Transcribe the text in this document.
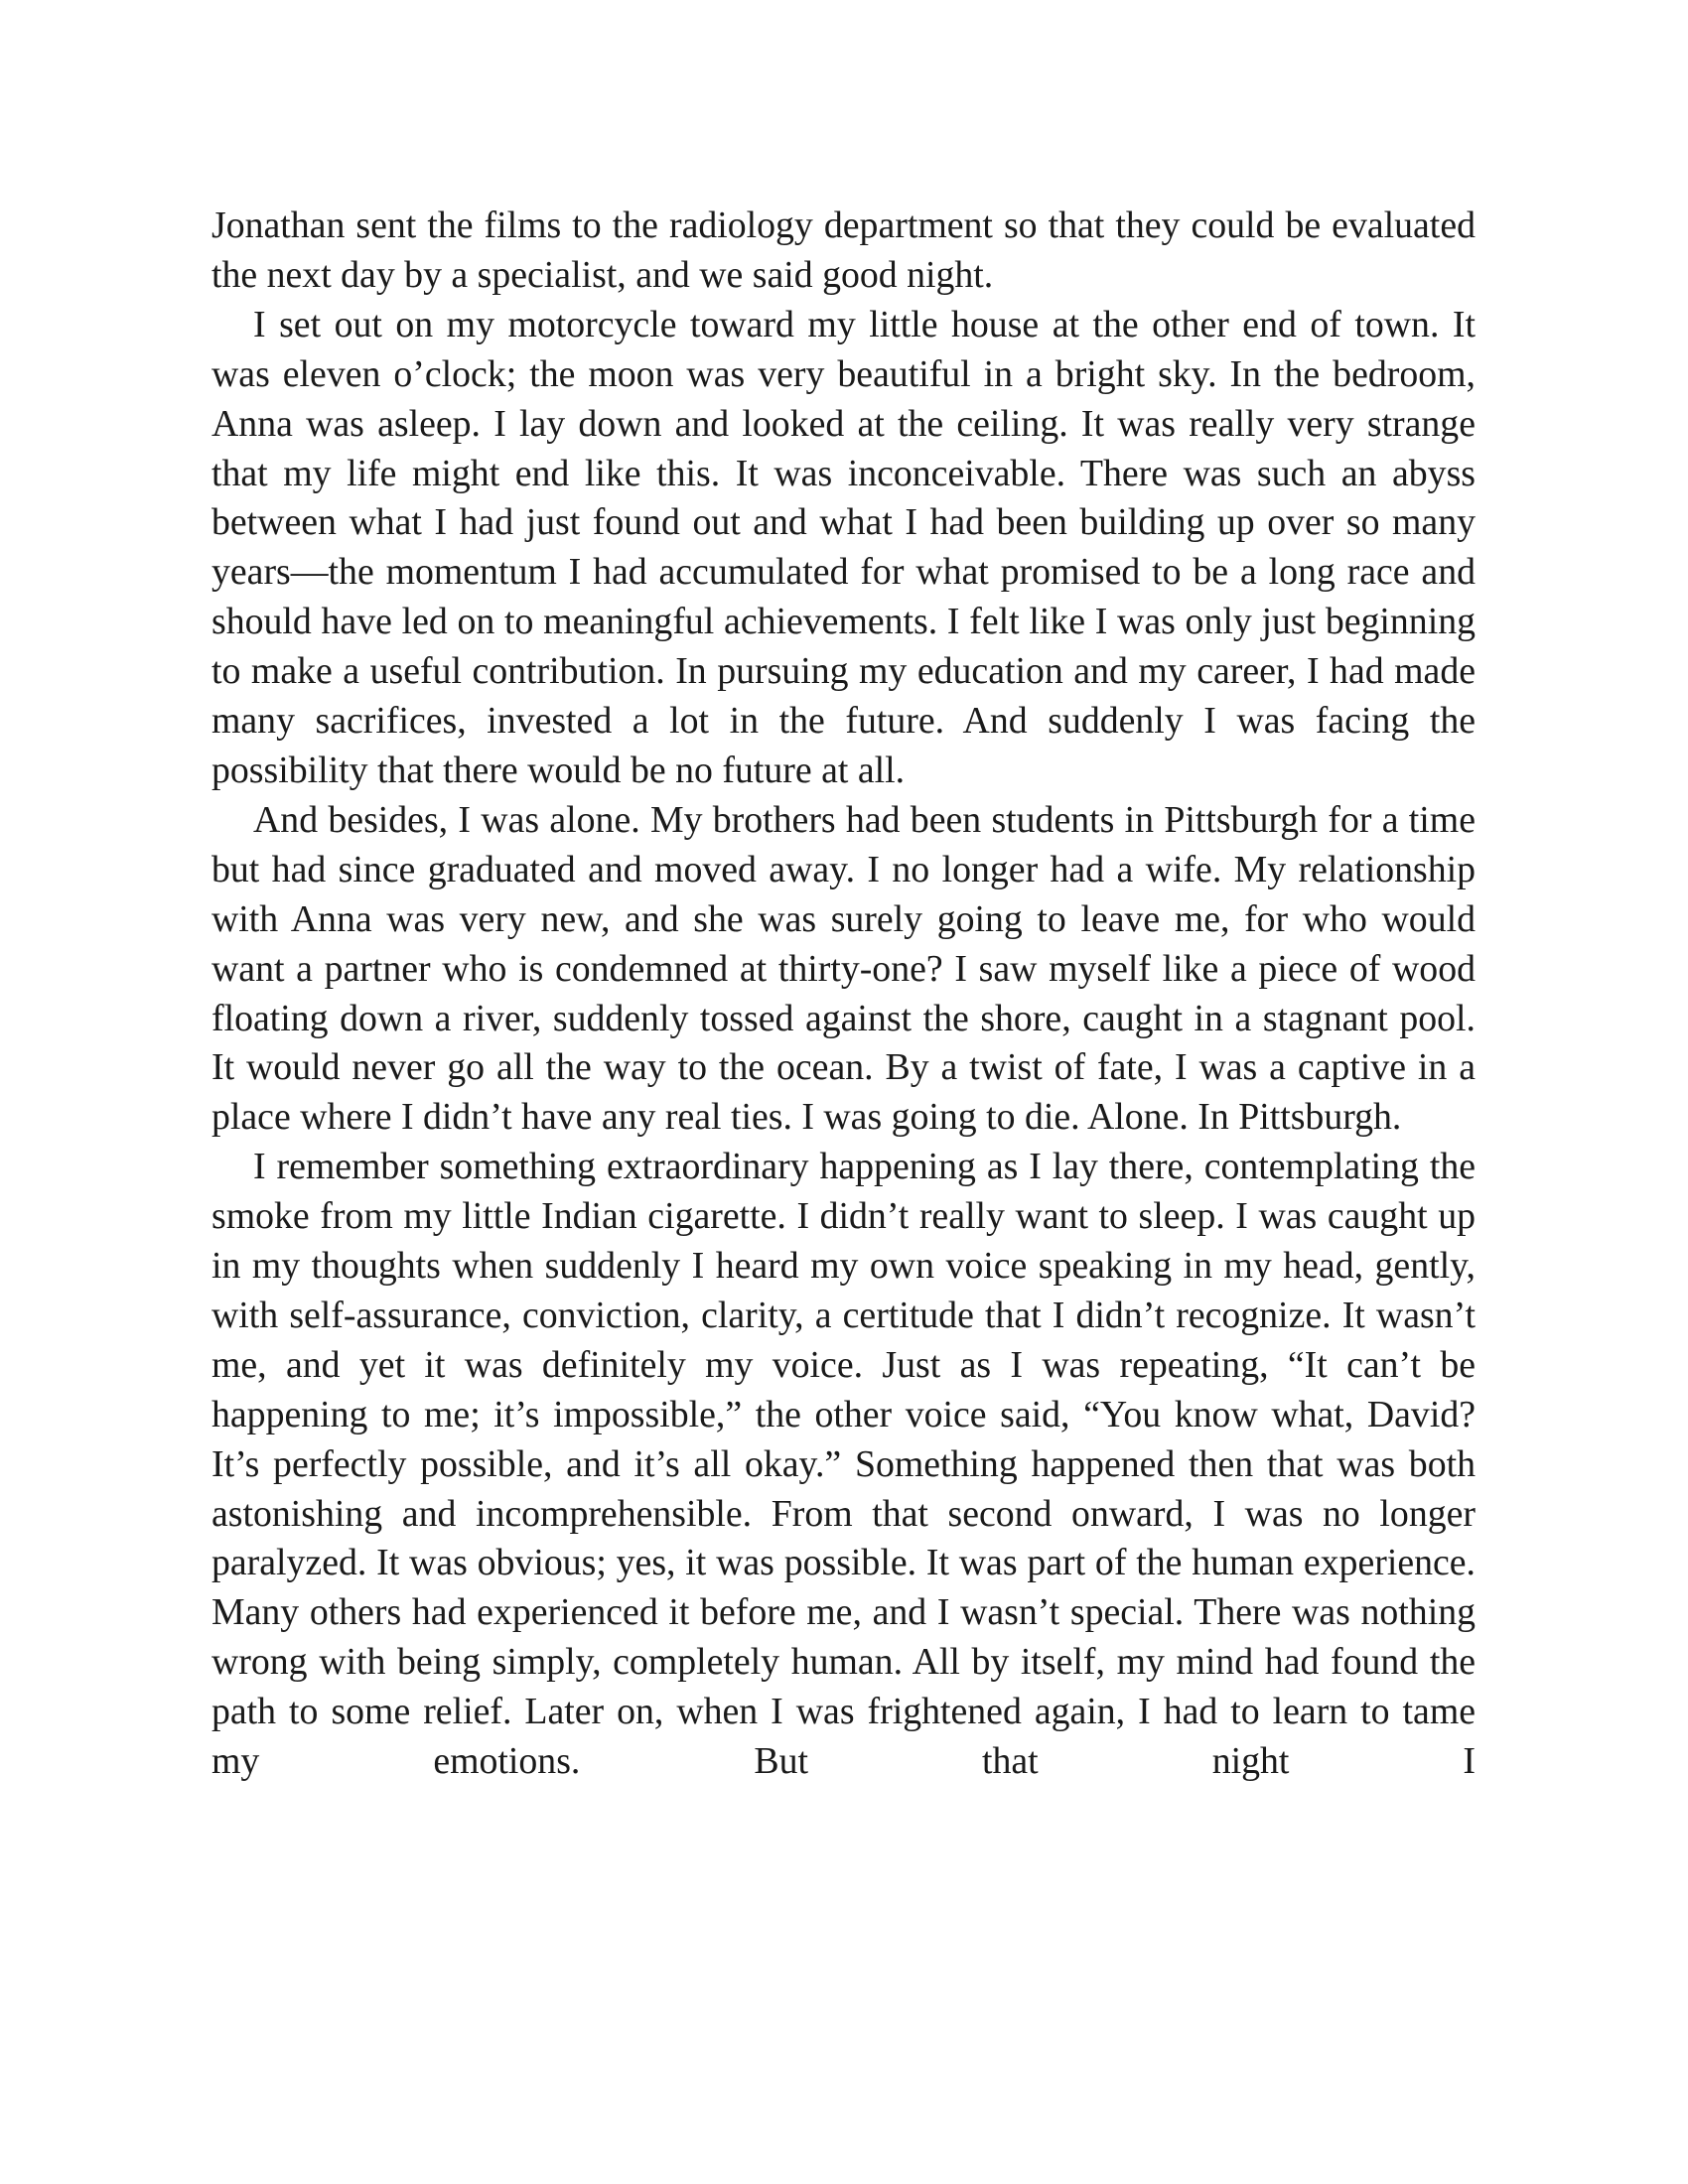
Jonathan sent the films to the radiology department so that they could be evaluated the next day by a specialist, and we said good night.

I set out on my motorcycle toward my little house at the other end of town. It was eleven o’clock; the moon was very beautiful in a bright sky. In the bedroom, Anna was asleep. I lay down and looked at the ceiling. It was really very strange that my life might end like this. It was inconceivable. There was such an abyss between what I had just found out and what I had been building up over so many years—the momentum I had accumulated for what promised to be a long race and should have led on to meaningful achievements. I felt like I was only just beginning to make a useful contribution. In pursuing my education and my career, I had made many sacrifices, invested a lot in the future. And suddenly I was facing the possibility that there would be no future at all.

And besides, I was alone. My brothers had been students in Pittsburgh for a time but had since graduated and moved away. I no longer had a wife. My relationship with Anna was very new, and she was surely going to leave me, for who would want a partner who is condemned at thirty-one? I saw myself like a piece of wood floating down a river, suddenly tossed against the shore, caught in a stagnant pool. It would never go all the way to the ocean. By a twist of fate, I was a captive in a place where I didn’t have any real ties. I was going to die. Alone. In Pittsburgh.

I remember something extraordinary happening as I lay there, contemplating the smoke from my little Indian cigarette. I didn’t really want to sleep. I was caught up in my thoughts when suddenly I heard my own voice speaking in my head, gently, with self-assurance, conviction, clarity, a certitude that I didn’t recognize. It wasn’t me, and yet it was definitely my voice. Just as I was repeating, “It can’t be happening to me; it’s impossible,” the other voice said, “You know what, David? It’s perfectly possible, and it’s all okay.” Something happened then that was both astonishing and incomprehensible. From that second onward, I was no longer paralyzed. It was obvious; yes, it was possible. It was part of the human experience. Many others had experienced it before me, and I wasn’t special. There was nothing wrong with being simply, completely human. All by itself, my mind had found the path to some relief. Later on, when I was frightened again, I had to learn to tame my emotions. But that night I
